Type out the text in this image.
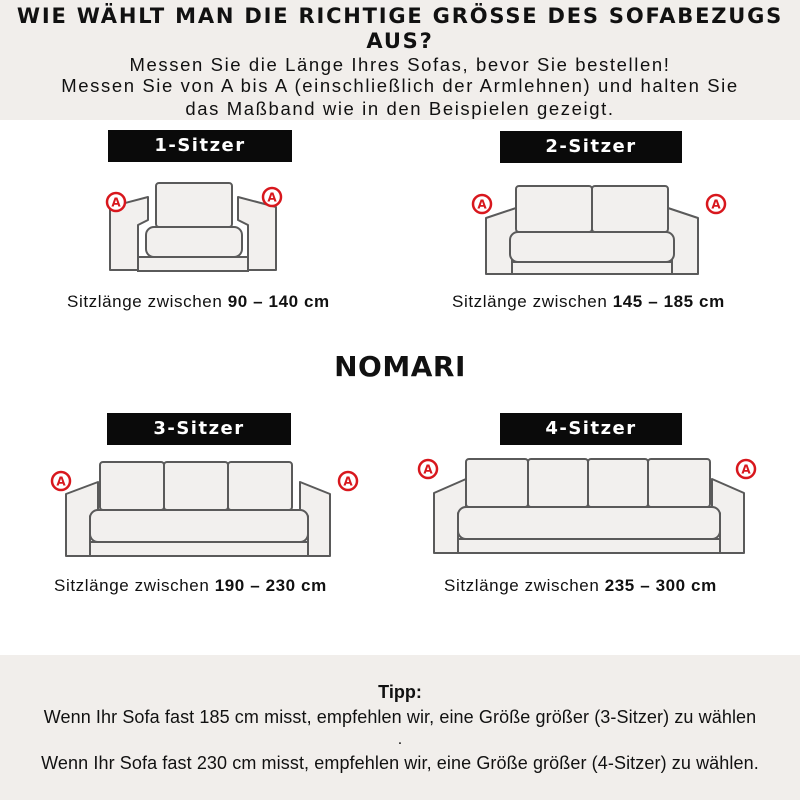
WIE WÄHLT MAN DIE RICHTIGE GRÖSSE DES SOFABEZUGS
AUS?
Messen Sie die Länge Ihres Sofas, bevor Sie bestellen!
Messen Sie von A bis A (einschließlich der Armlehnen) und halten Sie
das Maßband wie in den Beispielen gezeigt.
1-Sitzer
A	A
Sitzlänge zwischen 90 – 140 cm
2-Sitzer
A	A
Sitzlänge zwischen 145 – 185 cm
NOMARI
3-Sitzer
A	A
Sitzlänge zwischen 190 – 230 cm
4-Sitzer
A	A
Sitzlänge zwischen 235 – 300 cm
Tipp:
Wenn Ihr Sofa fast 185 cm misst, empfehlen wir, eine Größe größer (3-Sitzer) zu wählen
.
Wenn Ihr Sofa fast 230 cm misst, empfehlen wir, eine Größe größer (4-Sitzer) zu wählen.
